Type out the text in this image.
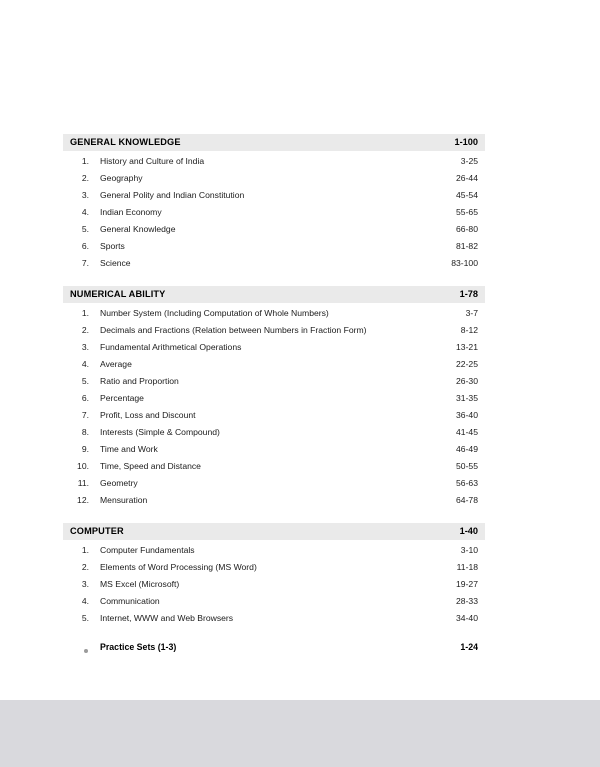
GENERAL KNOWLEDGE	1-100
1.	History and Culture of India	3-25
2.	Geography	26-44
3.	General Polity and Indian Constitution	45-54
4.	Indian Economy	55-65
5.	General Knowledge	66-80
6.	Sports	81-82
7.	Science	83-100
NUMERICAL ABILITY	1-78
1.	Number System (Including Computation of Whole Numbers)	3-7
2.	Decimals and Fractions (Relation between Numbers in Fraction Form)	8-12
3.	Fundamental Arithmetical Operations	13-21
4.	Average	22-25
5.	Ratio and Proportion	26-30
6.	Percentage	31-35
7.	Profit, Loss and Discount	36-40
8.	Interests (Simple & Compound)	41-45
9.	Time and Work	46-49
10.	Time, Speed and Distance	50-55
11.	Geometry	56-63
12.	Mensuration	64-78
COMPUTER	1-40
1.	Computer Fundamentals	3-10
2.	Elements of Word Processing (MS Word)	11-18
3.	MS Excel (Microsoft)	19-27
4.	Communication	28-33
5.	Internet, WWW and Web Browsers	34-40
Practice Sets (1-3)	1-24
